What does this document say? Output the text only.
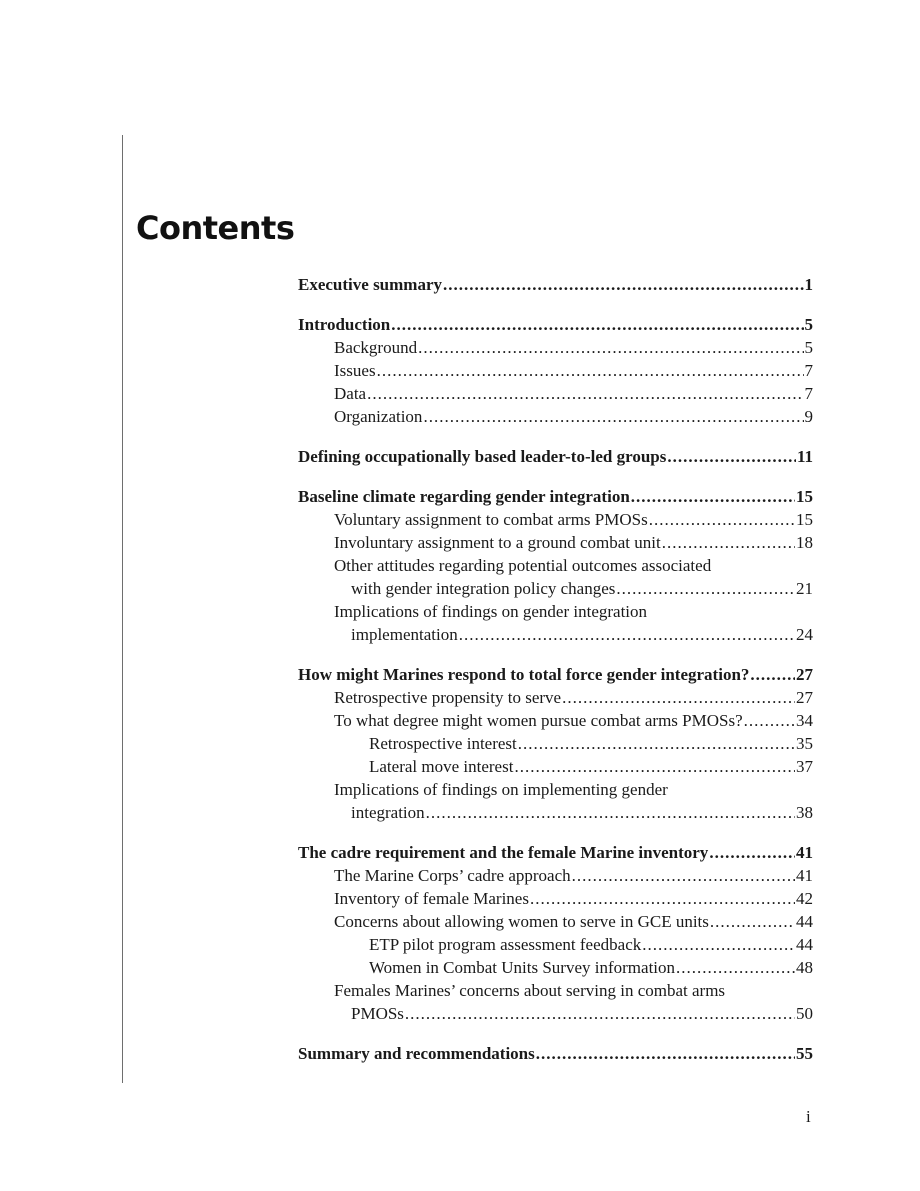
Contents
Executive summary .....	1
Introduction .....	5
Background .....	5
Issues .....	7
Data .....	7
Organization .....	9
Defining occupationally based leader-to-led groups .....	11
Baseline climate regarding gender integration .....	15
Voluntary assignment to combat arms PMOSs .....	15
Involuntary assignment to a ground combat unit .....	18
Other attitudes regarding potential outcomes associated
with gender integration policy changes .....	21
Implications of findings on gender integration
implementation .....	24
How might Marines respond to total force gender integration? .....	27
Retrospective propensity to serve .....	27
To what degree might women pursue combat arms PMOSs? .....	34
Retrospective interest .....	35
Lateral move interest .....	37
Implications of findings on implementing gender
integration .....	38
The cadre requirement and the female Marine inventory .....	41
The Marine Corps’ cadre approach .....	41
Inventory of female Marines .....	42
Concerns about allowing women to serve in GCE units .....	44
ETP pilot program assessment feedback .....	44
Women in Combat Units Survey information .....	48
Females Marines’ concerns about serving in combat arms
PMOSs .....	50
Summary and recommendations .....	55
i
